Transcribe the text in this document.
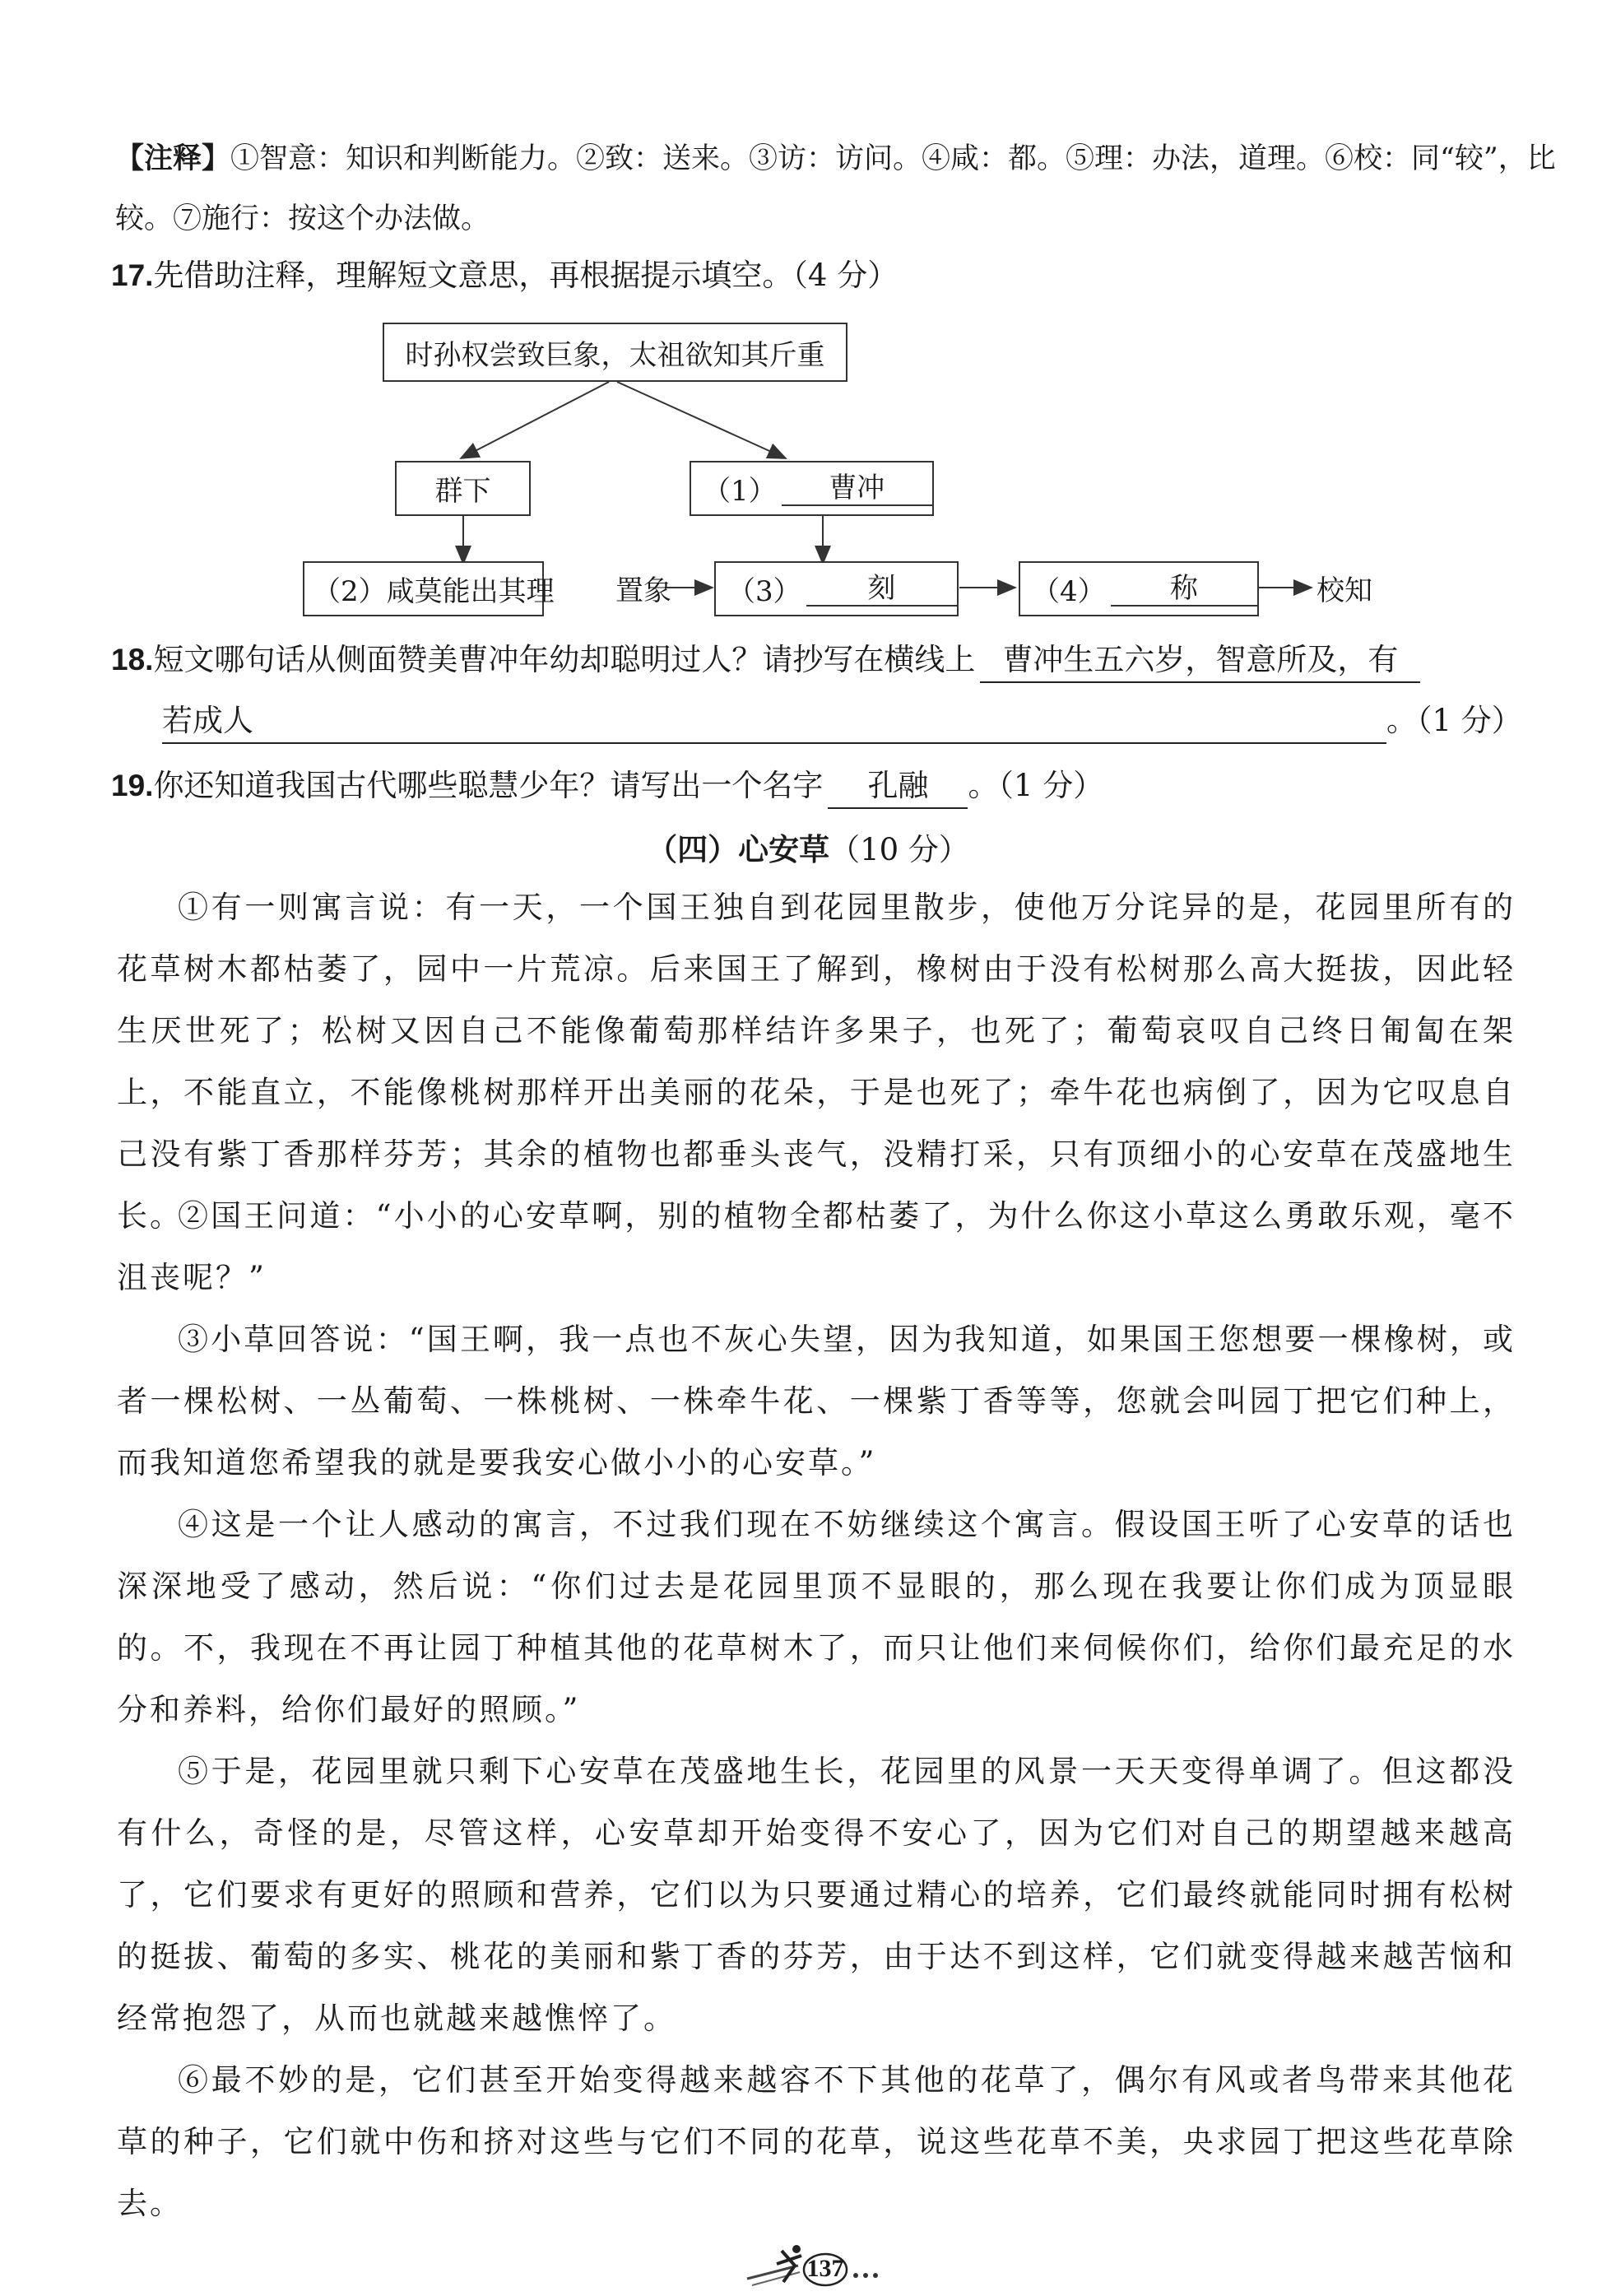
【注释】①智意：知识和判断能力。②致：送来。③访：访问。④咸：都。⑤理：办法，道理。⑥校：同“较”，比
较。⑦施行：按这个办法做。
17.先借助注释，理解短文意思，再根据提示填空。（4 分）
时孙权尝致巨象，太祖欲知其斤重
群下	（1）	曹冲
（2） 咸莫能出其理 置象 （3）	刻	（4）	称	校知
18.短文哪句话从侧面赞美曹冲年幼却聪明过人？请抄写在横线上 曹冲生五六岁，智意所及，有
若成人	。（1 分）
19.你还知道我国古代哪些聪慧少年？请写出一个名字 孔融 。（1 分）
（四）心安草（10 分）
①有一则寓言说：有一天，一个国王独自到花园里散步，使他万分诧异的是，花园里所有的花草树木都枯萎了，园中一片荒凉。后来国王了解到，橡树由于没有松树那么高大挺拔，因此轻生厌世死了；松树又因自己不能像葡萄那样结许多果子，也死了；葡萄哀叹自己终日匍匐在架上，不能直立，不能像桃树那样开出美丽的花朵，于是也死了；牵牛花也病倒了，因为它叹息自己没有紫丁香那样芬芳；其余的植物也都垂头丧气，没精打采，只有顶细小的心安草在茂盛地生长。
②国王问道：“小小的心安草啊，别的植物全都枯萎了，为什么你这小草这么勇敢乐观，毫不沮丧呢？”
③小草回答说：“国王啊，我一点也不灰心失望，因为我知道，如果国王您想要一棵橡树，或者一棵松树、一丛葡萄、一株桃树、一株牵牛花、一棵紫丁香等等，您就会叫园丁把它们种上，而我知道您希望我的就是要我安心做小小的心安草。”
④这是一个让人感动的寓言，不过我们现在不妨继续这个寓言。假设国王听了心安草的话也深深地受了感动，然后说：“你们过去是花园里顶不显眼的，那么现在我要让你们成为顶显眼的。不，我现在不再让园丁种植其他的花草树木了，而只让他们来伺候你们，给你们最充足的水分和养料，给你们最好的照顾。”
⑤于是，花园里就只剩下心安草在茂盛地生长，花园里的风景一天天变得单调了。但这都没有什么，奇怪的是，尽管这样，心安草却开始变得不安心了，因为它们对自己的期望越来越高了，它们要求有更好的照顾和营养，它们以为只要通过精心的培养，它们最终就能同时拥有松树的挺拔、葡萄的多实、桃花的美丽和紫丁香的芬芳，由于达不到这样，它们就变得越来越苦恼和经常抱怨了，从而也就越来越憔悴了。
⑥最不妙的是，它们甚至开始变得越来越容不下其他的花草了，偶尔有风或者鸟带来其他花草的种子，它们就中伤和挤对这些与它们不同的花草，说这些花草不美，央求园丁把这些花草除去。
137
